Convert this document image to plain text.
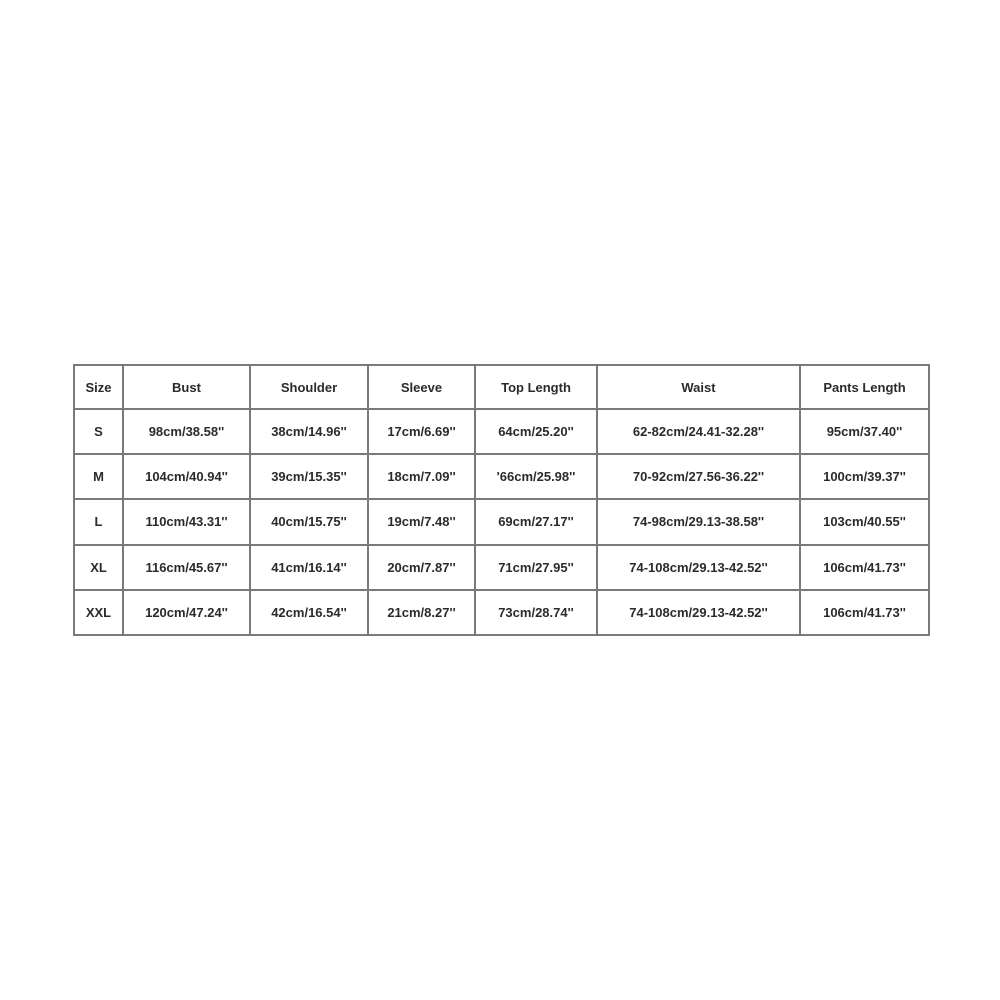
Size	Bust	Shoulder	Sleeve	Top Length	Waist	Pants Length
S	98cm/38.58''	38cm/14.96''	17cm/6.69''	64cm/25.20''	62-82cm/24.41-32.28''	95cm/37.40''
M	104cm/40.94''	39cm/15.35''	18cm/7.09''	'66cm/25.98''	70-92cm/27.56-36.22''	100cm/39.37''
L	110cm/43.31''	40cm/15.75''	19cm/7.48''	69cm/27.17''	74-98cm/29.13-38.58''	103cm/40.55''
XL	116cm/45.67''	41cm/16.14''	20cm/7.87''	71cm/27.95''	74-108cm/29.13-42.52''	106cm/41.73''
XXL	120cm/47.24''	42cm/16.54''	21cm/8.27''	73cm/28.74''	74-108cm/29.13-42.52''	106cm/41.73''
